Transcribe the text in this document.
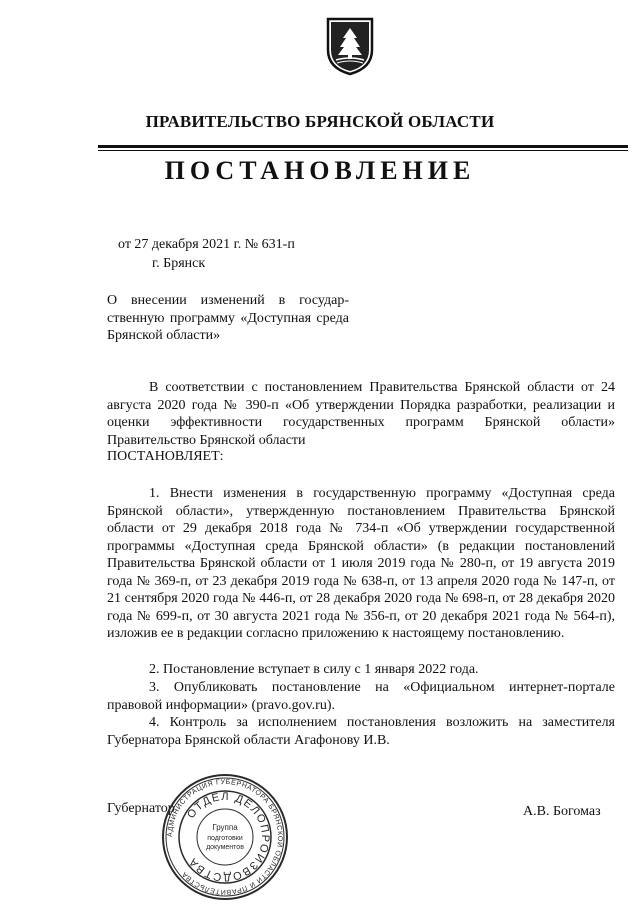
ПРАВИТЕЛЬСТВО БРЯНСКОЙ ОБЛАСТИ
ПОСТАНОВЛЕНИЕ
от 27 декабря 2021 г. № 631-п
г. Брянск
О внесении изменений в государ-ственную программу «Доступная среда Брянской области»
В соответствии с постановлением Правительства Брянской области от 24 августа 2020 года № 390-п «Об утверждении Порядка разработки, реализации и оценки эффективности государственных программ Брянской области» Правительство Брянской области
ПОСТАНОВЛЯЕТ:
1. Внести изменения в государственную программу «Доступная среда Брянской области», утвержденную постановлением Правительства Брянской области от 29 декабря 2018 года № 734-п «Об утверждении государственной программы «Доступная среда Брянской области» (в редакции постановлений Правительства Брянской области от 1 июля 2019 года № 280-п, от 19 августа 2019 года № 369-п, от 23 декабря 2019 года № 638-п, от 13 апреля 2020 года № 147-п, от 21 сентября 2020 года № 446-п, от 28 декабря 2020 года № 698-п, от 28 декабря 2020 года № 699-п, от 30 августа 2021 года № 356-п, от 20 декабря 2021 года № 564-п), изложив ее в редакции согласно приложению к настоящему постановлению.
2. Постановление вступает в силу с 1 января 2022 года.
3. Опубликовать постановление на «Официальном интернет-портале правовой информации» (pravo.gov.ru).
4. Контроль за исполнением постановления возложить на заместителя Губернатора Брянской области Агафонову И.В.
Губернатор	А.В. Богомаз
АДМИНИСТРАЦИЯ ГУБЕРНАТОРА БРЯНСКОЙ ОБЛАСТИ И ПРАВИТЕЛЬСТВА
ОТДЕЛ ДЕЛОПРОИЗВОДСТВА
Группа
подготовки
документов
